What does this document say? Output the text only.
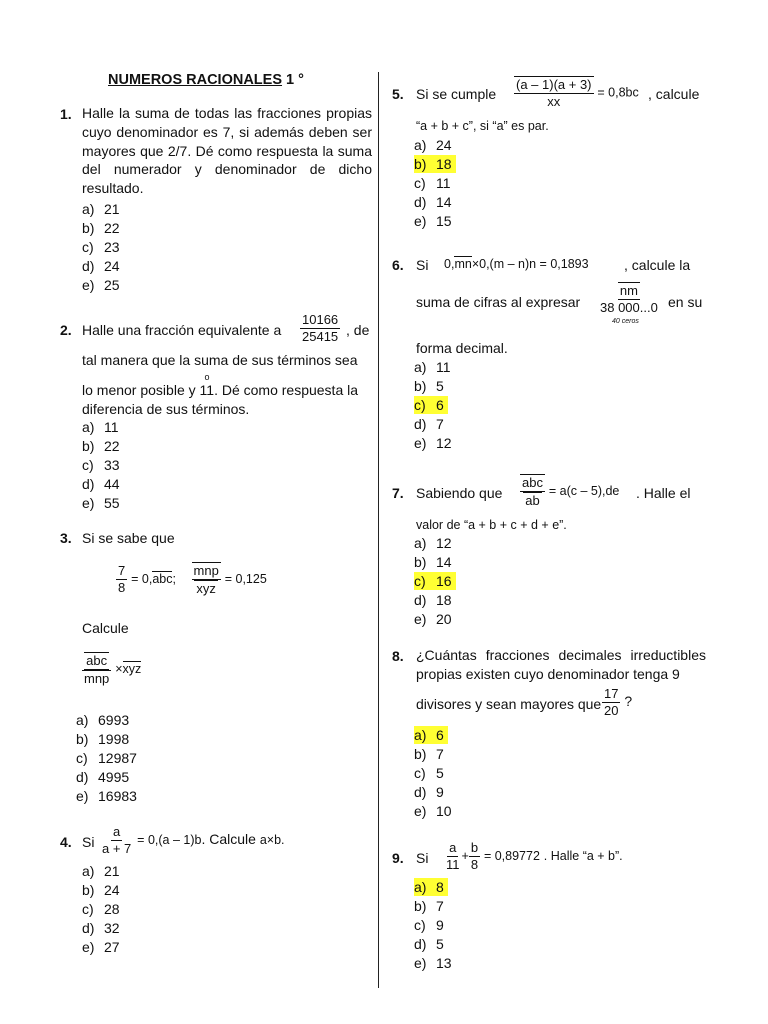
NUMEROS RACIONALES 1 °
1. Halle la suma de todas las fracciones propias cuyo denominador es 7, si además deben ser mayores que 2/7. Dé como respuesta la suma del numerador y denominador de dicho resultado.
a) 21
b) 22
c) 23
d) 24
e) 25
2. Halle una fracción equivalente a $\frac{10166}{25415}$ , de
tal manera que la suma de sus términos sea
lo menor posible y
o
11. Dé como respuesta la
diferencia de sus términos.
a) 11
b) 22
c) 33
d) 44
e) 55
3. Si se sabe que
$\frac{7}{8} = 0,abc$; $\frac{\text{mnp}}{\text{xyz}} = 0,125$
Calcule
$\frac{\text{abc}}{\text{mnp}} \times xyz$
a) 6993
b) 1998
c) 12987
d) 4995
e) 16983
4. Si $\frac{a}{a + 7} = 0,(a - 1)b$. Calcule a×b.
a) 21
b) 24
c) 28
d) 32
e) 27
5. Si se cumple $\frac{(a - 1)(a + 3)}{xx} = 0,8bc$ , calcule
“a + b + c”, si “a” es par.
a) 24
b) 18
c) 11
d) 14
e) 15
6. Si 0,mn×0,(m – n)n = 0,1893	, calcule la
suma de cifras al expresar $\frac{nm}{38 000...0}$
40 ceros
en su
forma decimal.
a) 11
b) 5
c) 6
d) 7
e) 12
7. Sabiendo que $\frac{\text{abc}}{ab} = a(c - 5),de$ . Halle el
valor de “a + b + c + d + e”.
a) 12
b) 14
c) 16
d) 18
e) 20
8. ¿Cuántas fracciones decimales irreductibles propias existen cuyo denominador tenga 9
divisores y sean mayores que $\frac{17}{20}$ ?
a) 6
b) 7
c) 5
d) 9
e) 10
9. Si $\frac{a}{11} + \frac{b}{8} = 0,89772$ . Halle “a + b”.
a) 8
b) 7
c) 9
d) 5
e) 13
